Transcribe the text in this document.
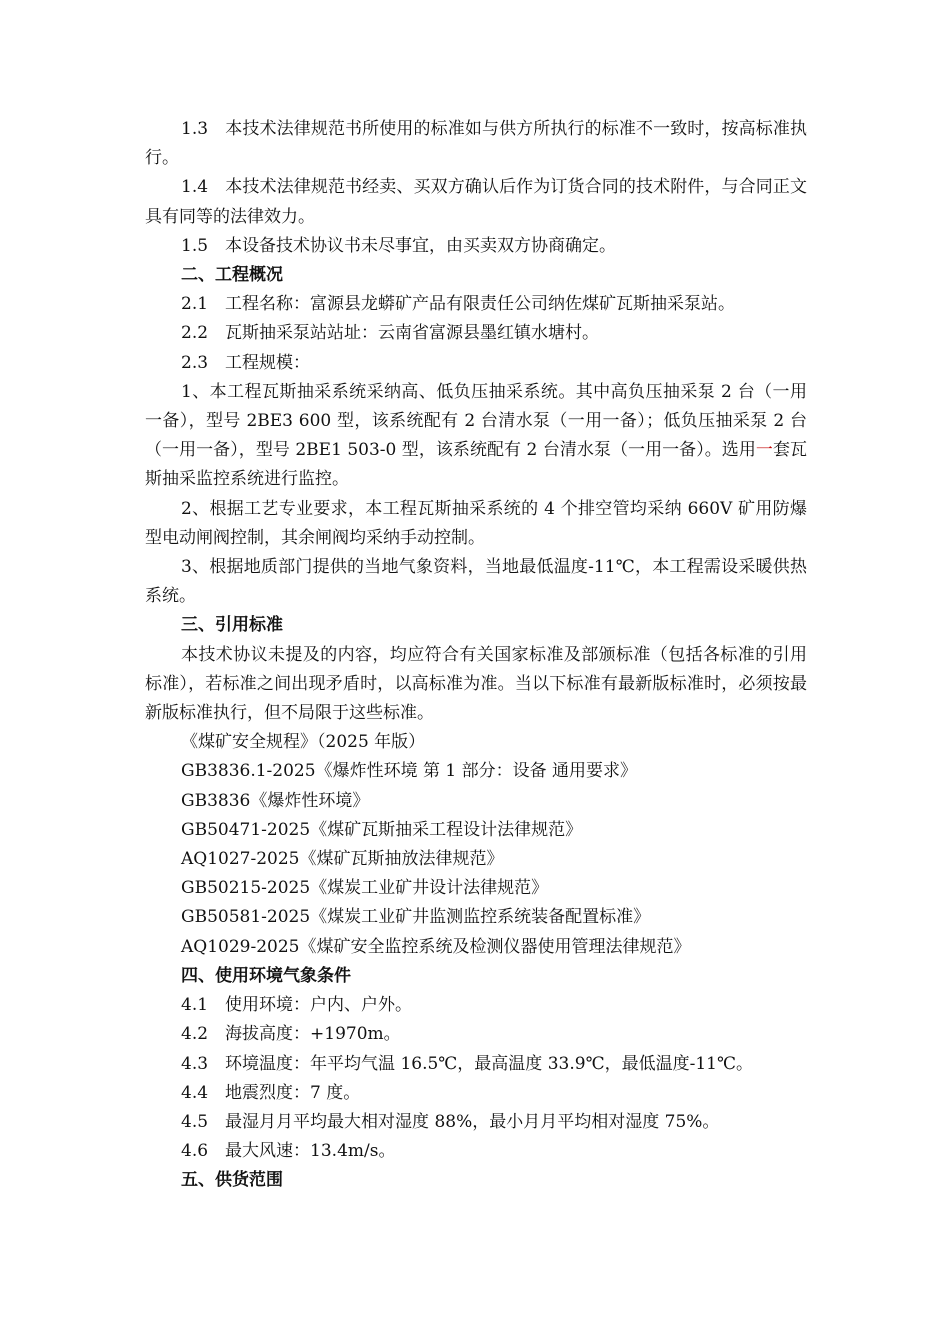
1.3　本技术法律规范书所使用的标准如与供方所执行的标准不一致时，按高标准执行。

1.4　本技术法律规范书经卖、买双方确认后作为订货合同的技术附件，与合同正文具有同等的法律效力。

1.5　本设备技术协议书未尽事宜，由买卖双方协商确定。

二、工程概况

2.1　工程名称：富源县龙蟒矿产品有限责任公司纳佐煤矿瓦斯抽采泵站。

2.2　瓦斯抽采泵站站址：云南省富源县墨红镇水塘村。

2.3　工程规模：

1、本工程瓦斯抽采系统采纳高、低负压抽采系统。其中高负压抽采泵 2 台（一用一备），型号 2BE3 600 型，该系统配有 2 台清水泵（一用一备）；低负压抽采泵 2 台（一用一备），型号 2BE1 503-0 型，该系统配有 2 台清水泵（一用一备）。选用一套瓦斯抽采监控系统进行监控。

2、根据工艺专业要求，本工程瓦斯抽采系统的 4 个排空管均采纳 660V 矿用防爆型电动闸阀控制，其余闸阀均采纳手动控制。

3、根据地质部门提供的当地气象资料，当地最低温度-11℃，本工程需设采暖供热系统。

三、引用标准

本技术协议未提及的内容，均应符合有关国家标准及部颁标准（包括各标准的引用标准），若标准之间出现矛盾时，以高标准为准。当以下标准有最新版标准时，必须按最新版标准执行，但不局限于这些标准。

《煤矿安全规程》（2025 年版）

GB3836.1-2025《爆炸性环境 第 1 部分：设备 通用要求》

GB3836《爆炸性环境》

GB50471-2025《煤矿瓦斯抽采工程设计法律规范》

AQ1027-2025《煤矿瓦斯抽放法律规范》

GB50215-2025《煤炭工业矿井设计法律规范》

GB50581-2025《煤炭工业矿井监测监控系统装备配置标准》

AQ1029-2025《煤矿安全监控系统及检测仪器使用管理法律规范》

四、使用环境气象条件

4.1　使用环境：户内、户外。

4.2　海拔高度：+1970m。

4.3　环境温度：年平均气温 16.5℃，最高温度 33.9℃，最低温度-11℃。

4.4　地震烈度：7 度。

4.5　最湿月月平均最大相对湿度 88%，最小月月平均相对湿度 75%。

4.6　最大风速：13.4m/s。

五、供货范围
